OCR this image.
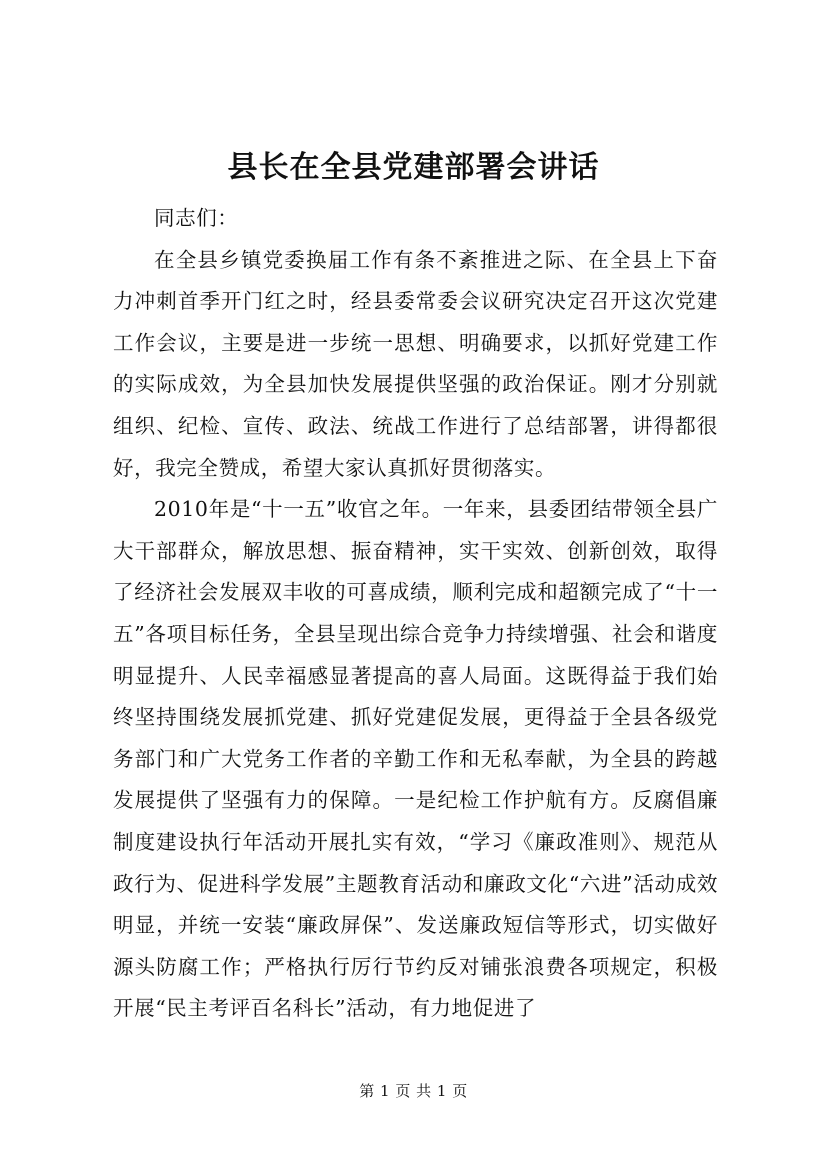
县长在全县党建部署会讲话

同志们：

在全县乡镇党委换届工作有条不紊推进之际、在全县上下奋力冲刺首季开门红之时，经县委常委会议研究决定召开这次党建工作会议，主要是进一步统一思想、明确要求，以抓好党建工作的实际成效，为全县加快发展提供坚强的政治保证。刚才分别就组织、纪检、宣传、政法、统战工作进行了总结部署，讲得都很好，我完全赞成，希望大家认真抓好贯彻落实。

2010年是“十一五”收官之年。一年来，县委团结带领全县广大干部群众，解放思想、振奋精神，实干实效、创新创效，取得了经济社会发展双丰收的可喜成绩，顺利完成和超额完成了“十一五”各项目标任务，全县呈现出综合竞争力持续增强、社会和谐度明显提升、人民幸福感显著提高的喜人局面。这既得益于我们始终坚持围绕发展抓党建、抓好党建促发展，更得益于全县各级党务部门和广大党务工作者的辛勤工作和无私奉献，为全县的跨越发展提供了坚强有力的保障。一是纪检工作护航有方。反腐倡廉制度建设执行年活动开展扎实有效，“学习《廉政准则》、规范从政行为、促进科学发展”主题教育活动和廉政文化“六进”活动成效明显，并统一安装“廉政屏保”、发送廉政短信等形式，切实做好源头防腐工作；严格执行厉行节约反对铺张浪费各项规定，积极开展“民主考评百名科长”活动，有力地促进了

第 1 页 共 1 页
